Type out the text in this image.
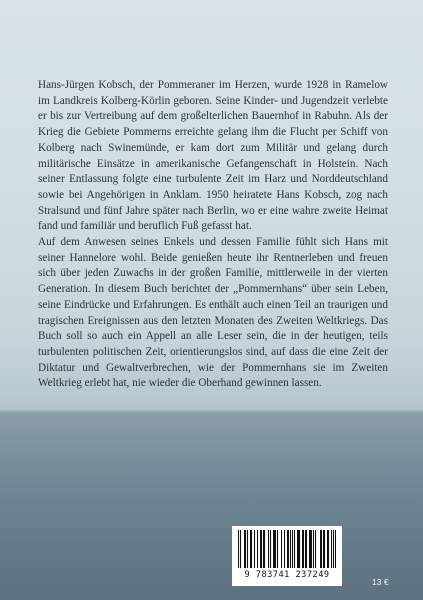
Hans-Jürgen Kobsch, der Pommeraner im Herzen, wurde 1928 in Ramelow im Landkreis Kolberg-Körlin geboren. Seine Kinder- und Jugendzeit verlebte er bis zur Vertreibung auf dem großelterlichen Bauernhof in Rabuhn. Als der Krieg die Gebiete Pommerns erreichte gelang ihm die Flucht per Schiff von Kolberg nach Swinemünde, er kam dort zum Militär und gelang durch militärische Einsätze in amerikanische Gefangenschaft in Holstein. Nach seiner Entlassung folgte eine turbulente Zeit im Harz und Norddeutschland sowie bei Angehörigen in Anklam. 1950 heiratete Hans Kobsch, zog nach Stralsund und fünf Jahre später nach Berlin, wo er eine wahre zweite Heimat fand und familiär und beruflich Fuß gefasst hat.

Auf dem Anwesen seines Enkels und dessen Familie fühlt sich Hans mit seiner Hannelore wohl. Beide genießen heute ihr Rentnerleben und freuen sich über jeden Zuwachs in der großen Familie, mittlerweile in der vierten Generation. In diesem Buch berichtet der „Pommernhans“ über sein Leben, seine Eindrücke und Erfahrungen. Es enthält auch einen Teil an traurigen und tragischen Ereignissen aus den letzten Monaten des Zweiten Weltkriegs. Das Buch soll so auch ein Appell an alle Leser sein, die in der heutigen, teils turbulenten politischen Zeit, orientierungslos sind, auf dass die eine Zeit der Diktatur und Gewaltverbrechen, wie der Pommernhans sie im Zweiten Weltkrieg erlebt hat, nie wieder die Oberhand gewinnen lassen.

9 783741 237249
13 €
